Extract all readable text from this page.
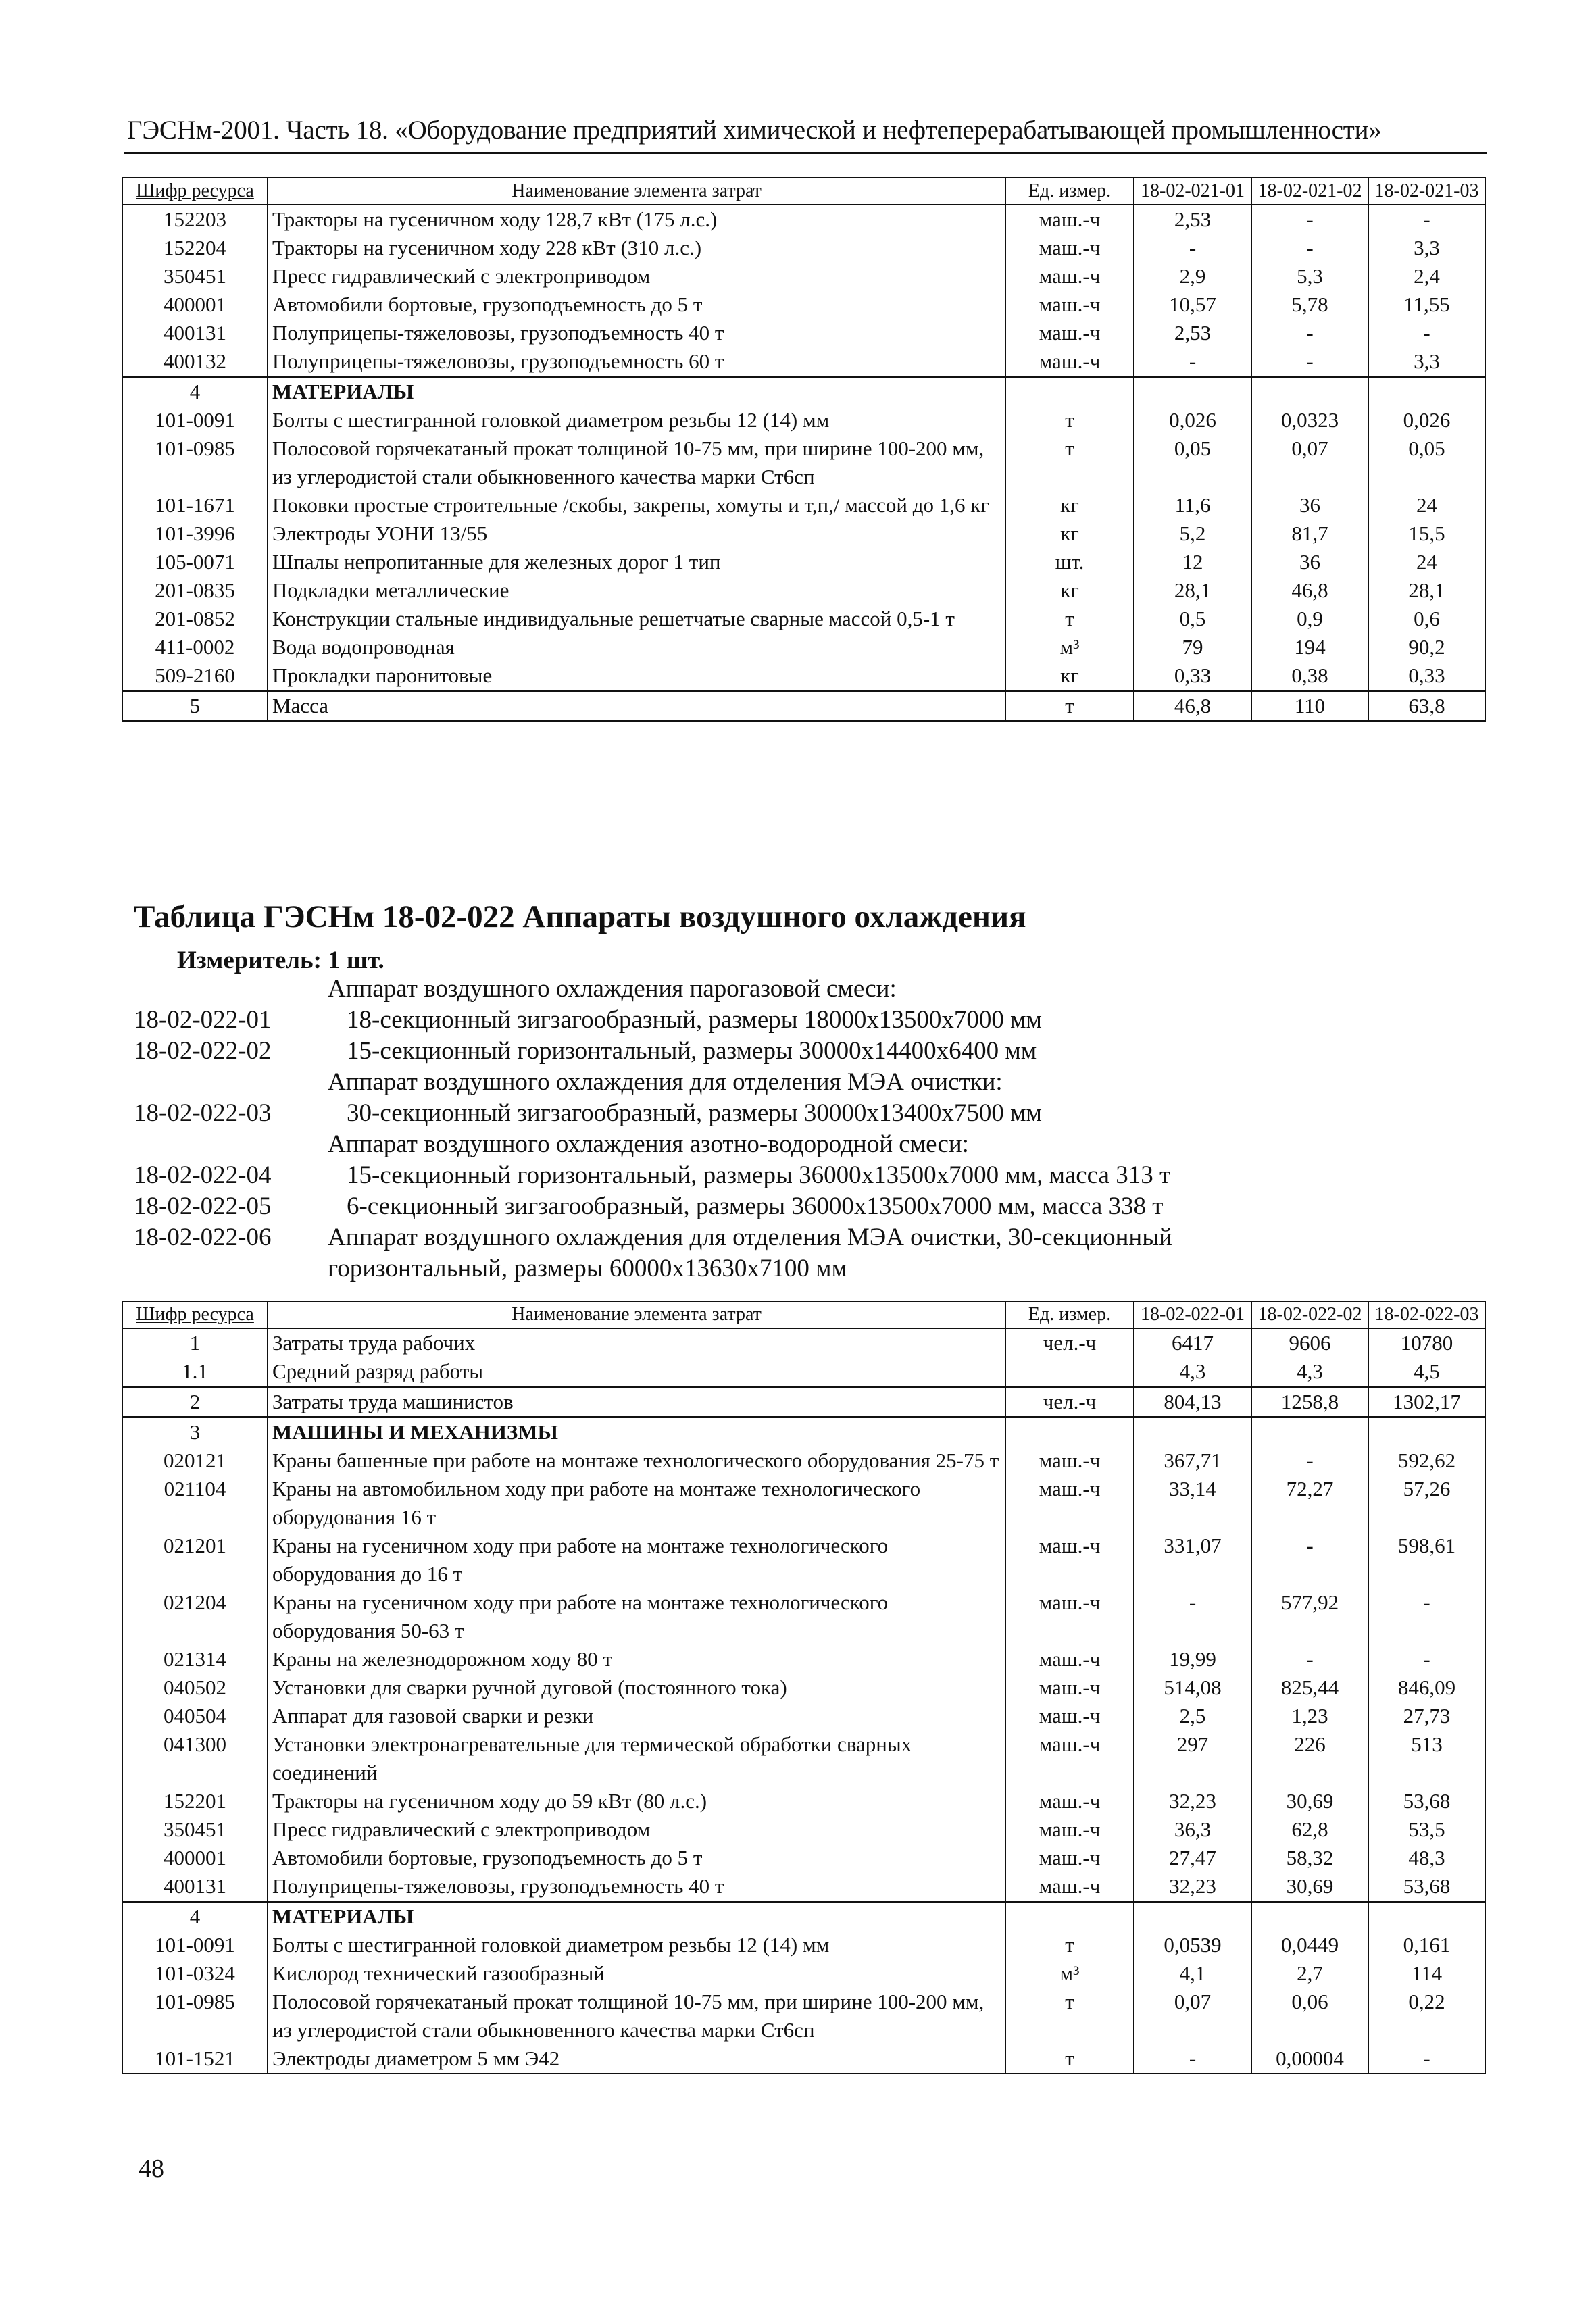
ГЭСНм-2001. Часть 18. «Оборудование предприятий химической и нефтеперерабатывающей промышленности»
Шифр ресурса	Наименование элемента затрат	Ед. измер.	18-02-021-01	18-02-021-02	18-02-021-03
152203	Тракторы на гусеничном ходу 128,7 кВт (175 л.с.)	маш.-ч	2,53	-	-
152204	Тракторы на гусеничном ходу 228 кВт (310 л.с.)	маш.-ч	-	-	3,3
350451	Пресс гидравлический с электроприводом	маш.-ч	2,9	5,3	2,4
400001	Автомобили бортовые, грузоподъемность до 5 т	маш.-ч	10,57	5,78	11,55
400131	Полуприцепы-тяжеловозы, грузоподъемность 40 т	маш.-ч	2,53	-	-
400132	Полуприцепы-тяжеловозы, грузоподъемность 60 т	маш.-ч	-	-	3,3
4	МАТЕРИАЛЫ				
101-0091	Болты с шестигранной головкой диаметром резьбы 12 (14) мм	т	0,026	0,0323	0,026
101-0985	Полосовой горячекатаный прокат толщиной 10-75 мм, при ширине 100-200 мм, из углеродистой стали обыкновенного качества марки Ст6сп	т	0,05	0,07	0,05
101-1671	Поковки простые строительные /скобы, закрепы, хомуты и т,п,/ массой до 1,6 кг	кг	11,6	36	24
101-3996	Электроды УОНИ 13/55	кг	5,2	81,7	15,5
105-0071	Шпалы непропитанные для железных дорог 1 тип	шт.	12	36	24
201-0835	Подкладки металлические	кг	28,1	46,8	28,1
201-0852	Конструкции стальные индивидуальные решетчатые сварные массой 0,5-1 т	т	0,5	0,9	0,6
411-0002	Вода водопроводная	м³	79	194	90,2
509-2160	Прокладки паронитовые	кг	0,33	0,38	0,33
5	Масса	т	46,8	110	63,8
Таблица ГЭСНм 18-02-022 Аппараты воздушного охлаждения
Измеритель: 1 шт.
Аппарат воздушного охлаждения парогазовой смеси:
18-02-022-01	18-секционный зигзагообразный, размеры 18000x13500x7000 мм
18-02-022-02	15-секционный горизонтальный, размеры 30000x14400x6400 мм
Аппарат воздушного охлаждения для отделения МЭА очистки:
18-02-022-03	30-секционный зигзагообразный, размеры 30000x13400x7500 мм
Аппарат воздушного охлаждения азотно-водородной смеси:
18-02-022-04	15-секционный горизонтальный, размеры 36000x13500x7000 мм, масса 313 т
18-02-022-05	6-секционный зигзагообразный, размеры 36000x13500x7000 мм, масса 338 т
18-02-022-06 Аппарат воздушного охлаждения для отделения МЭА очистки, 30-секционный
горизонтальный, размеры 60000x13630x7100 мм
Шифр ресурса	Наименование элемента затрат	Ед. измер.	18-02-022-01	18-02-022-02	18-02-022-03
1	Затраты труда рабочих	чел.-ч	6417	9606	10780
1.1	Средний разряд работы		4,3	4,3	4,5
2	Затраты труда машинистов	чел.-ч	804,13	1258,8	1302,17
3	МАШИНЫ И МЕХАНИЗМЫ				
020121	Краны башенные при работе на монтаже технологического оборудования 25-75 т	маш.-ч	367,71	-	592,62
021104	Краны на автомобильном ходу при работе на монтаже технологического оборудования 16 т	маш.-ч	33,14	72,27	57,26
021201	Краны на гусеничном ходу при работе на монтаже технологического оборудования до 16 т	маш.-ч	331,07	-	598,61
021204	Краны на гусеничном ходу при работе на монтаже технологического оборудования 50-63 т	маш.-ч	-	577,92	-
021314	Краны на железнодорожном ходу 80 т	маш.-ч	19,99	-	-
040502	Установки для сварки ручной дуговой (постоянного тока)	маш.-ч	514,08	825,44	846,09
040504	Аппарат для газовой сварки и резки	маш.-ч	2,5	1,23	27,73
041300	Установки электронагревательные для термической обработки сварных соединений	маш.-ч	297	226	513
152201	Тракторы на гусеничном ходу до 59 кВт (80 л.с.)	маш.-ч	32,23	30,69	53,68
350451	Пресс гидравлический с электроприводом	маш.-ч	36,3	62,8	53,5
400001	Автомобили бортовые, грузоподъемность до 5 т	маш.-ч	27,47	58,32	48,3
400131	Полуприцепы-тяжеловозы, грузоподъемность 40 т	маш.-ч	32,23	30,69	53,68
4	МАТЕРИАЛЫ				
101-0091	Болты с шестигранной головкой диаметром резьбы 12 (14) мм	т	0,0539	0,0449	0,161
101-0324	Кислород технический газообразный	м³	4,1	2,7	114
101-0985	Полосовой горячекатаный прокат толщиной 10-75 мм, при ширине 100-200 мм, из углеродистой стали обыкновенного качества марки Ст6сп	т	0,07	0,06	0,22
101-1521	Электроды диаметром 5 мм Э42	т	-	0,00004	-
48
